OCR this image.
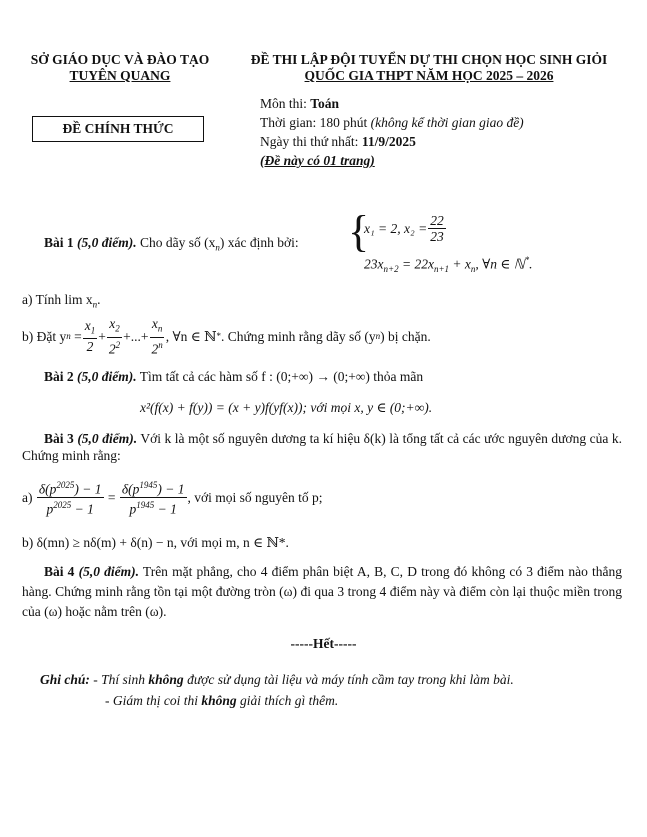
SỞ GIÁO DỤC VÀ ĐÀO TẠO
TUYÊN QUANG
ĐỀ CHÍNH THỨC
ĐỀ THI LẬP ĐỘI TUYỂN DỰ THI CHỌN HỌC SINH GIỎI
QUỐC GIA THPT NĂM HỌC 2025 – 2026
Môn thi: Toán
Thời gian: 180 phút (không kể thời gian giao đề)
Ngày thi thứ nhất: 11/9/2025
(Đề này có 01 trang)
Bài 1 (5,0 điểm). Cho dãy số $(x_n)$ xác định bởi: {
x₁ = 2, $x_2 = \frac{22}{23}$
$23x_{n+2} = 22x_{n+1} + x_n$, ∀n ∈ ℕ*.
a) Tính $\lim x_n$.
b) Đặt y $n = \frac{x_1}{2} + \frac{x_2}{2^2}$ +...+ $\frac{x_n}{2^n}$ , ∀n ∈ ℕ * . Chứng minh rằng dãy số (y n ) bị chặn.
Bài 2 (5,0 điểm). Tìm tất cả các hàm số f : (0;+∞) → (0;+∞) thỏa mãn
x²(f(x) + f(y)) = (x + y)f(yf(x)); với mọi x, y ∈ (0;+∞).
Bài 3 (5,0 điểm). Với k là một số nguyên dương ta kí hiệu δ(k) là tổng tất cả các ước nguyên dương của k. Chứng minh rằng:
a)
$\frac{\delta(p^{2025}) - 1}{p^{2025} - 1} = \frac{\delta(p^{1945}) - 1}{p^{1945} - 1}$ , với mọi số nguyên tố p;
b) δ(mn) ≥ nδ(m) + δ(n) − n, với mọi m, n ∈ ℕ*.
Bài 4 (5,0 điểm). Trên mặt phẳng, cho 4 điểm phân biệt A, B, C, D trong đó không có 3 điểm nào thẳng hàng. Chứng minh rằng tồn tại một đường tròn (ω) đi qua 3 trong 4 điểm này và điểm còn lại thuộc miền trong của (ω) hoặc nằm trên (ω).
-----Hết-----
Ghi chú: - Thí sinh không được sử dụng tài liệu và máy tính cầm tay trong khi làm bài.
- Giám thị coi thi không giải thích gì thêm.
